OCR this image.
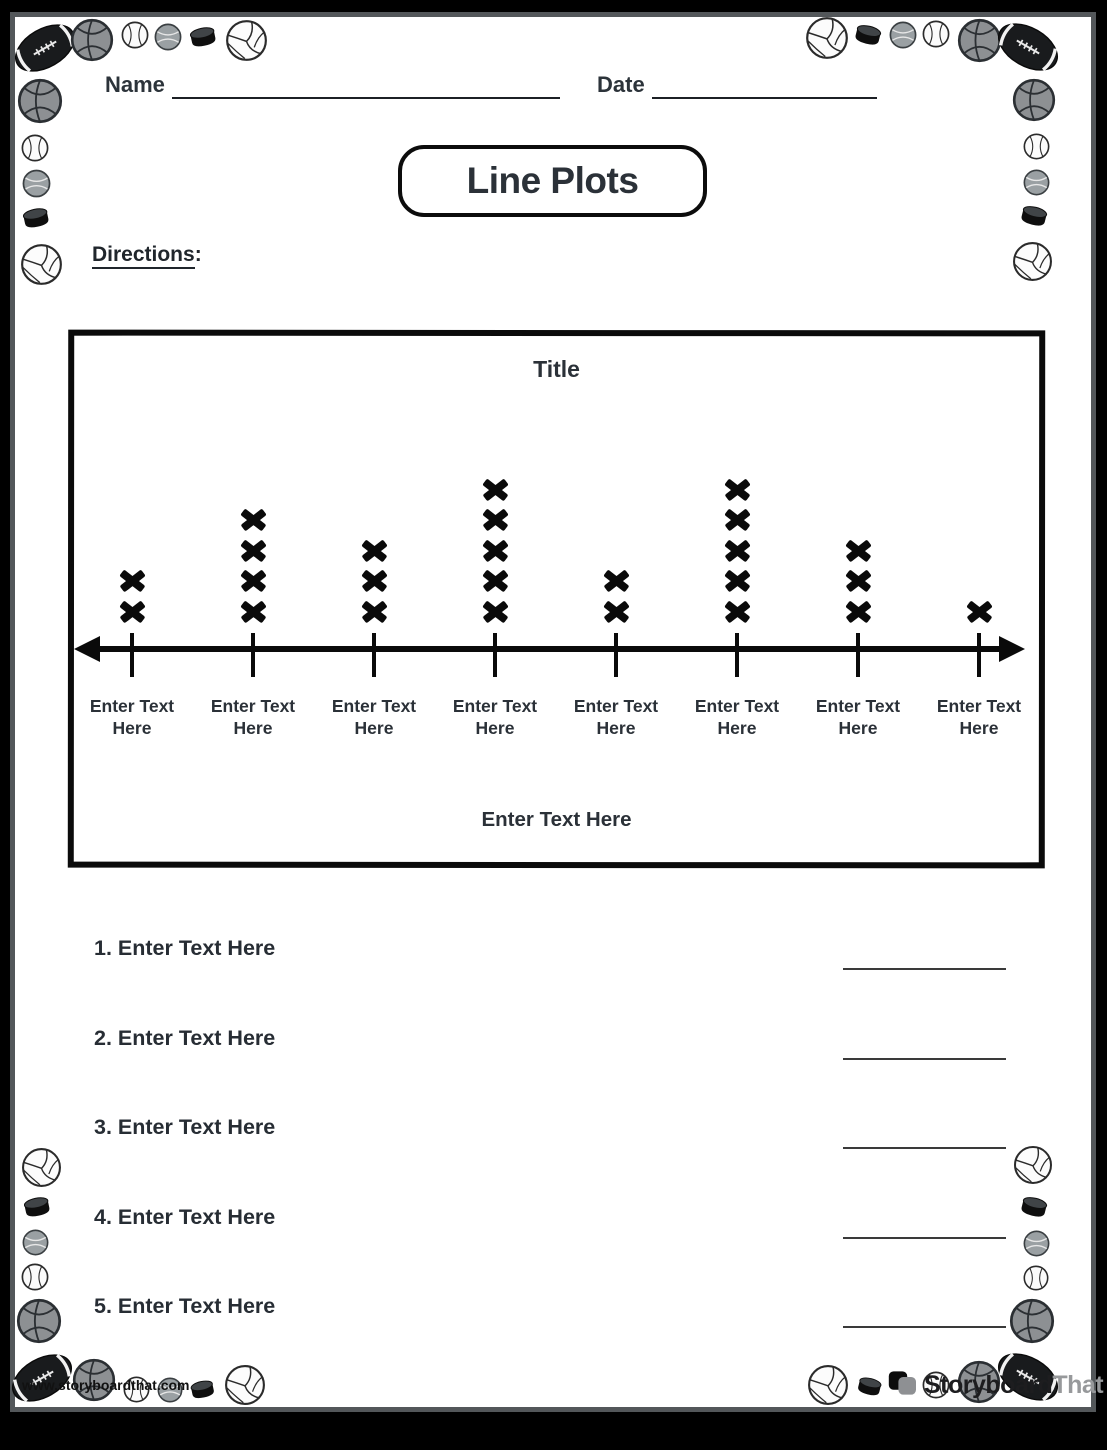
Name	Date
Line Plots
Directions:
Title
Enter Text Here
Enter Text Here
Enter Text Here
Enter Text Here
Enter Text Here
Enter Text Here
Enter Text Here
Enter Text Here
Enter Text Here
1. Enter Text Here
2. Enter Text Here
3. Enter Text Here
4. Enter Text Here
5. Enter Text Here
www.storyboardthat.com	Storyboard That
